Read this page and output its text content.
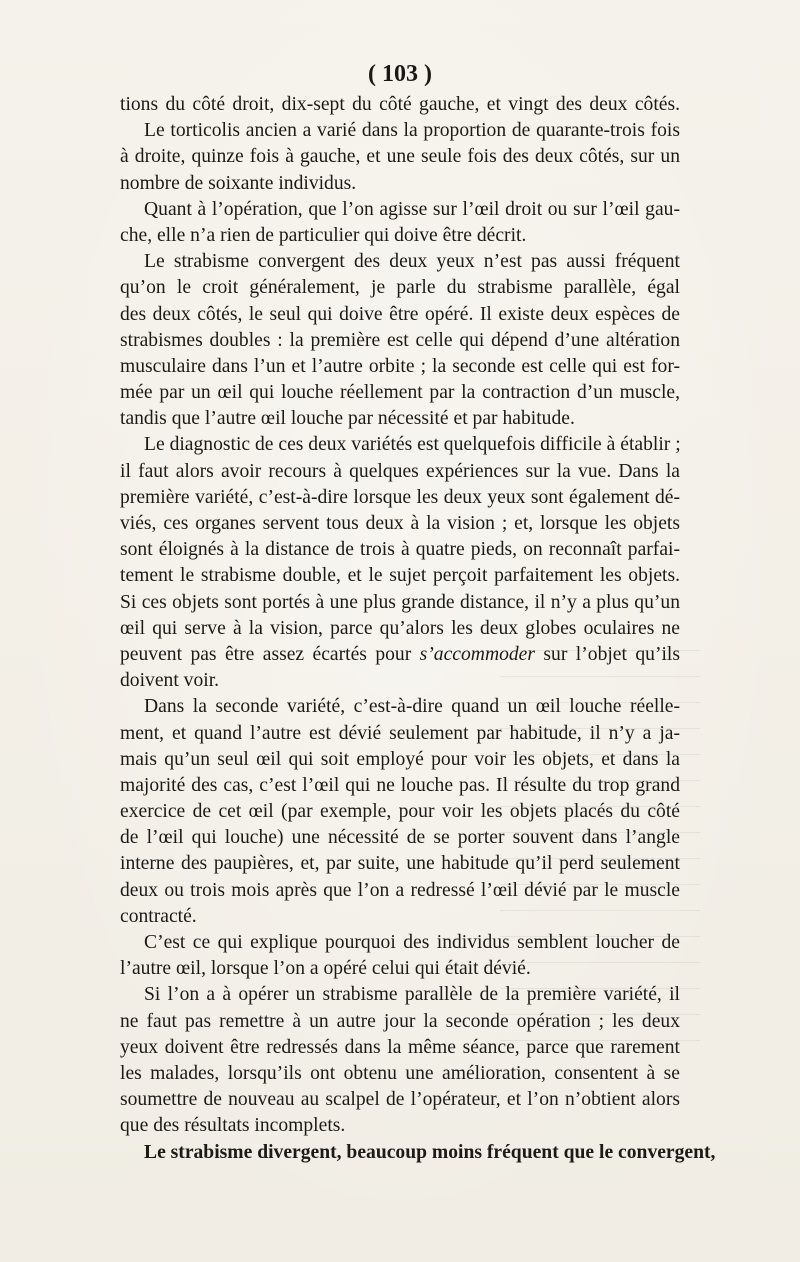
( 103 )
tions du côté droit, dix-sept du côté gauche, et vingt des deux côtés.
Le torticolis ancien a varié dans la proportion de quarante-trois fois
à droite, quinze fois à gauche, et une seule fois des deux côtés, sur un
nombre de soixante individus.
Quant à l’opération, que l’on agisse sur l’œil droit ou sur l’œil gau-
che, elle n’a rien de particulier qui doive être décrit.
Le strabisme convergent des deux yeux n’est pas aussi fréquent
qu’on le croit généralement, je parle du strabisme parallèle, égal
des deux côtés, le seul qui doive être opéré. Il existe deux espèces de
strabismes doubles : la première est celle qui dépend d’une altération
musculaire dans l’un et l’autre orbite ; la seconde est celle qui est for-
mée par un œil qui louche réellement par la contraction d’un muscle,
tandis que l’autre œil louche par nécessité et par habitude.
Le diagnostic de ces deux variétés est quelquefois difficile à établir ;
il faut alors avoir recours à quelques expériences sur la vue. Dans la
première variété, c’est-à-dire lorsque les deux yeux sont également dé-
viés, ces organes servent tous deux à la vision ; et, lorsque les objets
sont éloignés à la distance de trois à quatre pieds, on reconnaît parfai-
tement le strabisme double, et le sujet perçoit parfaitement les objets.
Si ces objets sont portés à une plus grande distance, il n’y a plus qu’un
œil qui serve à la vision, parce qu’alors les deux globes oculaires ne
peuvent pas être assez écartés pour s’accommoder sur l’objet qu’ils
doivent voir.
Dans la seconde variété, c’est-à-dire quand un œil louche réelle-
ment, et quand l’autre est dévié seulement par habitude, il n’y a ja-
mais qu’un seul œil qui soit employé pour voir les objets, et dans la
majorité des cas, c’est l’œil qui ne louche pas. Il résulte du trop grand
exercice de cet œil (par exemple, pour voir les objets placés du côté
de l’œil qui louche) une nécessité de se porter souvent dans l’angle
interne des paupières, et, par suite, une habitude qu’il perd seulement
deux ou trois mois après que l’on a redressé l’œil dévié par le muscle
contracté.
C’est ce qui explique pourquoi des individus semblent loucher de
l’autre œil, lorsque l’on a opéré celui qui était dévié.
Si l’on a à opérer un strabisme parallèle de la première variété, il
ne faut pas remettre à un autre jour la seconde opération ; les deux
yeux doivent être redressés dans la même séance, parce que rarement
les malades, lorsqu’ils ont obtenu une amélioration, consentent à se
soumettre de nouveau au scalpel de l’opérateur, et l’on n’obtient alors
que des résultats incomplets.
Le strabisme divergent, beaucoup moins fréquent que le convergent,
